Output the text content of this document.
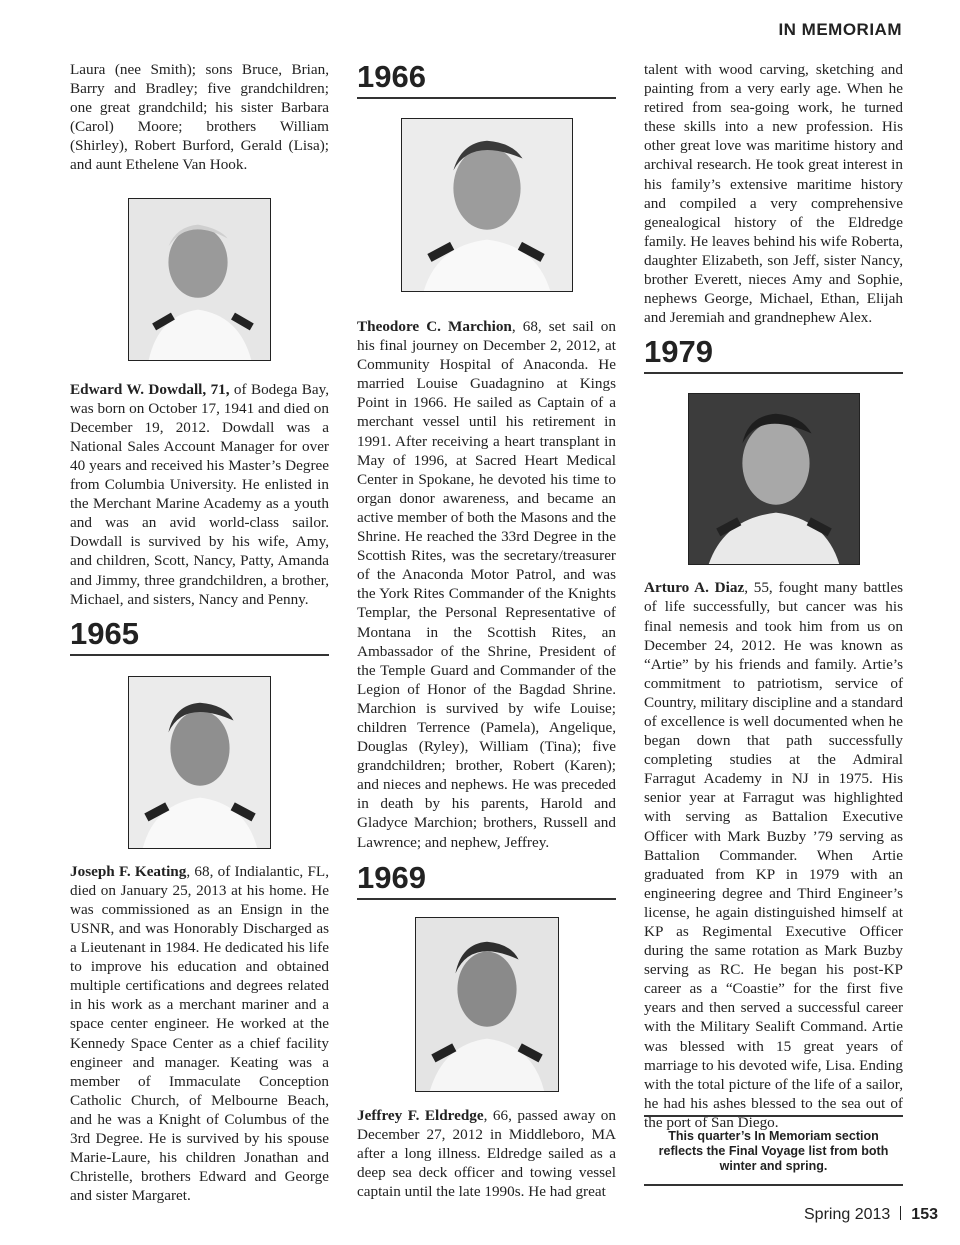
IN MEMORIAM

Laura (nee Smith); sons Bruce, Brian, Barry and Bradley; five grandchildren; one great grandchild; his sister Barbara (Carol) Moore; brothers William (Shirley), Robert Burford, Gerald (Lisa); and aunt Ethelene Van Hook.

Edward W. Dowdall, 71, of Bodega Bay, was born on October 17, 1941 and died on December 19, 2012. Dowdall was a National Sales Account Manager for over 40 years and received his Master’s Degree from Columbia University. He enlisted in the Merchant Marine Academy as a youth and was an avid world-class sailor. Dowdall is survived by his wife, Amy, and children, Scott, Nancy, Patty, Amanda and Jimmy, three grandchildren, a brother, Michael, and sisters, Nancy and Penny.

1965

Joseph F. Keating, 68, of Indialantic, FL, died on January 25, 2013 at his home. He was commissioned as an Ensign in the USNR, and was Honorably Discharged as a Lieutenant in 1984. He dedicated his life to improve his education and obtained multiple certifications and degrees related in his work as a merchant mariner and a space center engineer. He worked at the Kennedy Space Center as a chief facility engineer and manager. Keating was a member of Immaculate Conception Catholic Church, of Melbourne Beach, and he was a Knight of Columbus of the 3rd Degree. He is survived by his spouse Marie-Laure, his children Jonathan and Christelle, brothers Edward and George and sister Margaret.

1966

Theodore C. Marchion, 68, set sail on his final journey on December 2, 2012, at Community Hospital of Anaconda. He married Louise Guadagnino at Kings Point in 1966. He sailed as Captain of a merchant vessel until his retirement in 1991. After receiving a heart transplant in May of 1996, at Sacred Heart Medical Center in Spokane, he devoted his time to organ donor awareness, and became an active member of both the Masons and the Shrine. He reached the 33rd Degree in the Scottish Rites, was the secretary/treasurer of the Anaconda Motor Patrol, and was the York Rites Commander of the Knights Templar, the Personal Representative of Montana in the Scottish Rites, an Ambassador of the Shrine, President of the Temple Guard and Commander of the Legion of Honor of the Bagdad Shrine. Marchion is survived by wife Louise; children Terrence (Pamela), Angelique, Douglas (Ryley), William (Tina); five grandchildren; brother, Robert (Karen); and nieces and nephews. He was preceded in death by his parents, Harold and Gladyce Marchion; brothers, Russell and Lawrence; and nephew, Jeffrey.

1969

Jeffrey F. Eldredge, 66, passed away on December 27, 2012 in Middleboro, MA after a long illness. Eldredge sailed as a deep sea deck officer and towing vessel captain until the late 1990s. He had great

talent with wood carving, sketching and painting from a very early age. When he retired from sea-going work, he turned these skills into a new profession. His other great love was maritime history and archival research. He took great interest in his family’s extensive maritime history and compiled a very comprehensive genealogical history of the Eldredge family. He leaves behind his wife Roberta, daughter Elizabeth, son Jeff, sister Nancy, brother Everett, nieces Amy and Sophie, nephews George, Michael, Ethan, Elijah and Jeremiah and grandnephew Alex.

1979

Arturo A. Diaz, 55, fought many battles of life successfully, but cancer was his final nemesis and took him from us on December 24, 2012. He was known as “Artie” by his friends and family. Artie’s commitment to patriotism, service of Country, military discipline and a standard of excellence is well documented when he began down that path successfully completing studies at the Admiral Farragut Academy in NJ in 1975. His senior year at Farragut was highlighted with serving as Battalion Executive Officer with Mark Buzby ’79 serving as Battalion Commander. When Artie graduated from KP in 1979 with an engineering degree and Third Engineer’s license, he again distinguished himself at KP as Regimental Executive Officer during the same rotation as Mark Buzby serving as RC. He began his post-KP career as a “Coastie” for the first five years and then served a successful career with the Military Sealift Command. Artie was blessed with 15 great years of marriage to his devoted wife, Lisa. Ending with the total picture of the life of a sailor, he had his ashes blessed to the sea out of the port of San Diego.

This quarter’s In Memoriam section reflects the Final Voyage list from both winter and spring.
Spring 2013 153
